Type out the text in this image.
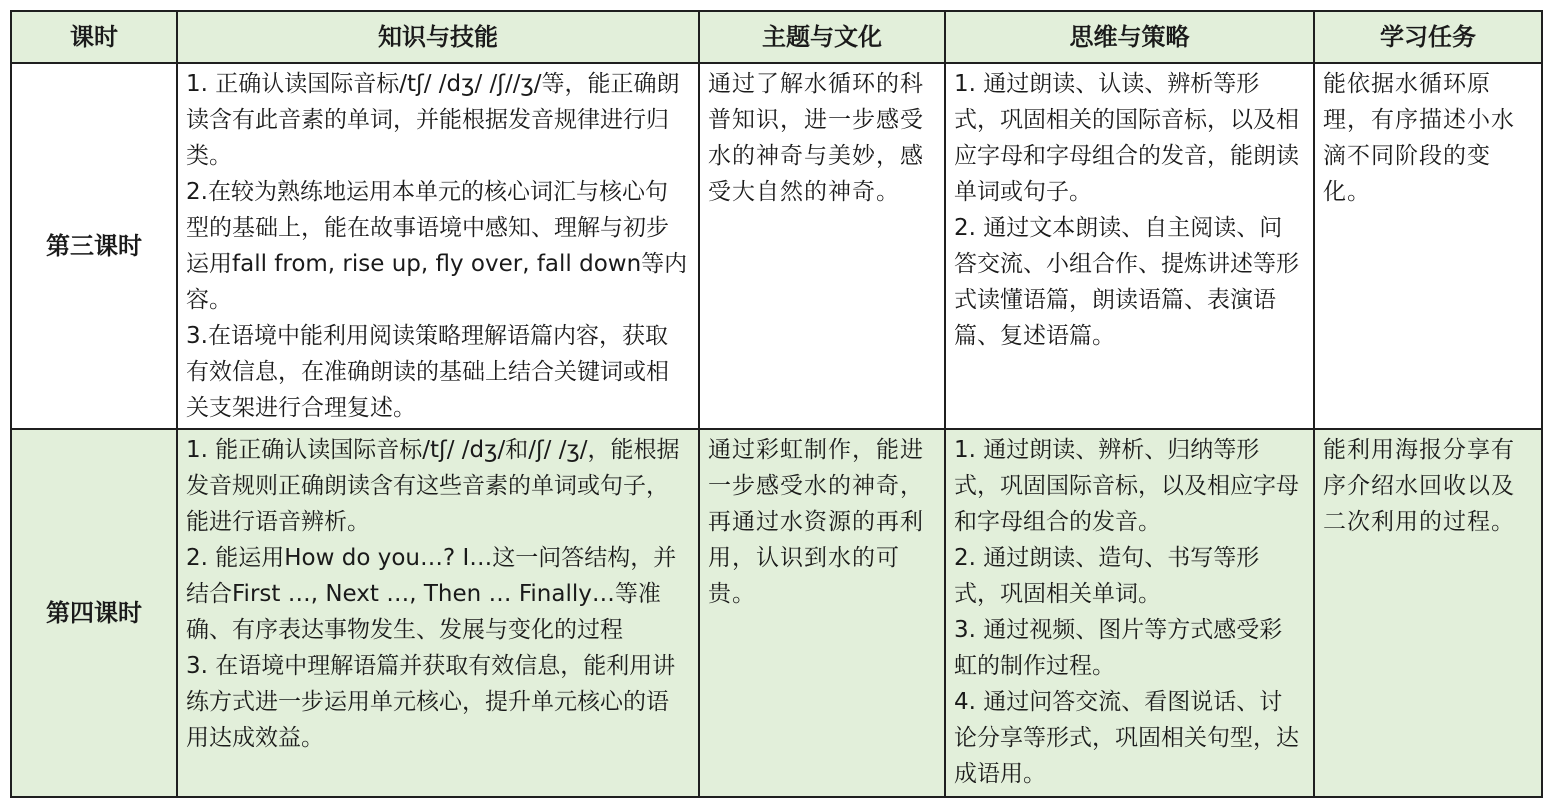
课时	知识与技能	主题与文化	思维与策略	学习任务
第三课时	1. 正确认读国际音标/tʃ/ /dʒ/ /ʃ//ʒ/等，能正确朗读含有此音素的单词，并能根据发音规律进行归类。
2.在较为熟练地运用本单元的核心词汇与核心句型的基础上，能在故事语境中感知、理解与初步运用fall from, rise up, fly over, fall down等内容。
3.在语境中能利用阅读策略理解语篇内容，获取有效信息，在准确朗读的基础上结合关键词或相关支架进行合理复述。	通过了解水循环的科普知识，进一步感受水的神奇与美妙，感受大自然的神奇。	1. 通过朗读、认读、辨析等形式，巩固相关的国际音标，以及相应字母和字母组合的发音，能朗读单词或句子。
2. 通过文本朗读、自主阅读、问答交流、小组合作、提炼讲述等形式读懂语篇，朗读语篇、表演语篇、复述语篇。	能依据水循环原理，有序描述小水滴不同阶段的变化。

第四课时	1. 能正确认读国际音标/tʃ/ /dʒ/和/ʃ/ /ʒ/，能根据发音规则正确朗读含有这些音素的单词或句子，能进行语音辨析。
2. 能运用How do you…? I…这一问答结构，并结合First …, Next …, Then … Finally…等准确、有序表达事物发生、发展与变化的过程
3. 在语境中理解语篇并获取有效信息，能利用讲练方式进一步运用单元核心，提升单元核心的语用达成效益。	通过彩虹制作，能进一步感受水的神奇，再通过水资源的再利用，认识到水的可贵。	1. 通过朗读、辨析、归纳等形式，巩固国际音标，以及相应字母和字母组合的发音。
2. 通过朗读、造句、书写等形式，巩固相关单词。
3. 通过视频、图片等方式感受彩虹的制作过程。
4. 通过问答交流、看图说话、讨论分享等形式，巩固相关句型，达成语用。	能利用海报分享有序介绍水回收以及二次利用的过程。
